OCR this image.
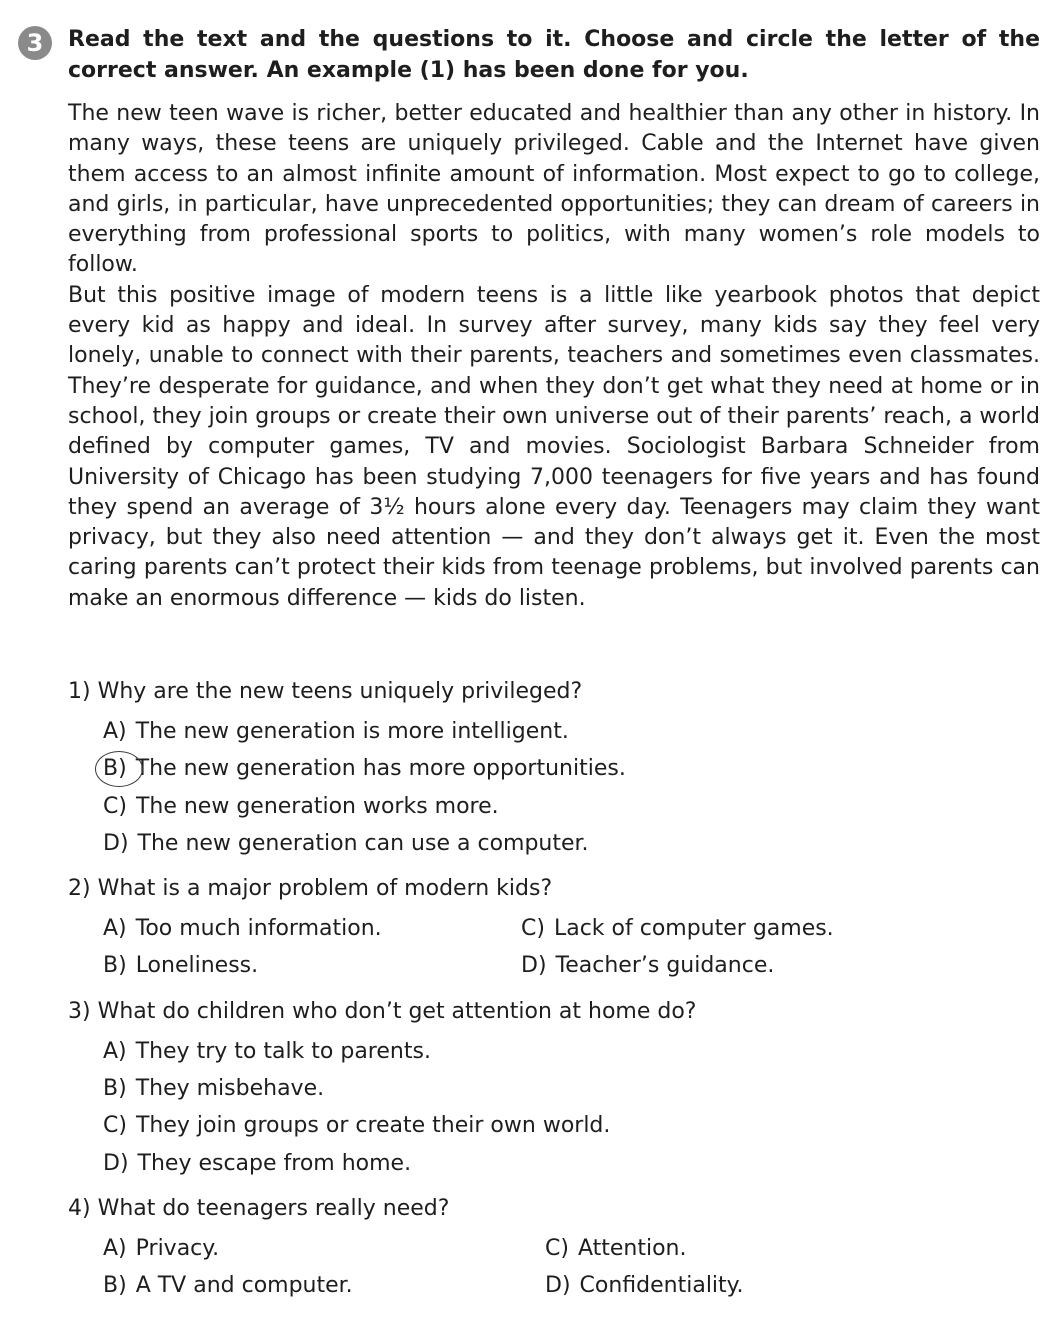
3	Read the text and the questions to it. Choose and circle the letter of the correct answer. An example (1) has been done for you.

The new teen wave is richer, better educated and healthier than any other in history. In many ways, these teens are uniquely privileged. Cable and the Internet have given them access to an almost infinite amount of information. Most expect to go to college, and girls, in particular, have unprecedented opportunities; they can dream of careers in everything from professional sports to politics, with many women’s role models to follow.

But this positive image of modern teens is a little like yearbook photos that depict every kid as happy and ideal. In survey after survey, many kids say they feel very lonely, unable to connect with their parents, teachers and sometimes even classmates. They’re desperate for guidance, and when they don’t get what they need at home or in school, they join groups or create their own universe out of their parents’ reach, a world defined by computer games, TV and movies. Sociologist Barbara Schneider from University of Chicago has been studying 7,000 teenagers for five years and has found they spend an average of 3½ hours alone every day. Teenagers may claim they want privacy, but they also need attention — and they don’t always get it. Even the most caring parents can’t protect their kids from teenage problems, but involved parents can make an enormous difference — kids do listen.

1) Why are the new teens uniquely privileged?
A) The new generation is more intelligent.
B) The new generation has more opportunities.
C) The new generation works more.
D) The new generation can use a computer.
2) What is a major problem of modern kids?
A) Too much information.
B) Loneliness.
C) Lack of computer games.
D) Teacher’s guidance.
3) What do children who don’t get attention at home do?
A) They try to talk to parents.
B) They misbehave.
C) They join groups or create their own world.
D) They escape from home.
4) What do teenagers really need?
A) Privacy.
B) A TV and computer.
C) Attention.
D) Confidentiality.
